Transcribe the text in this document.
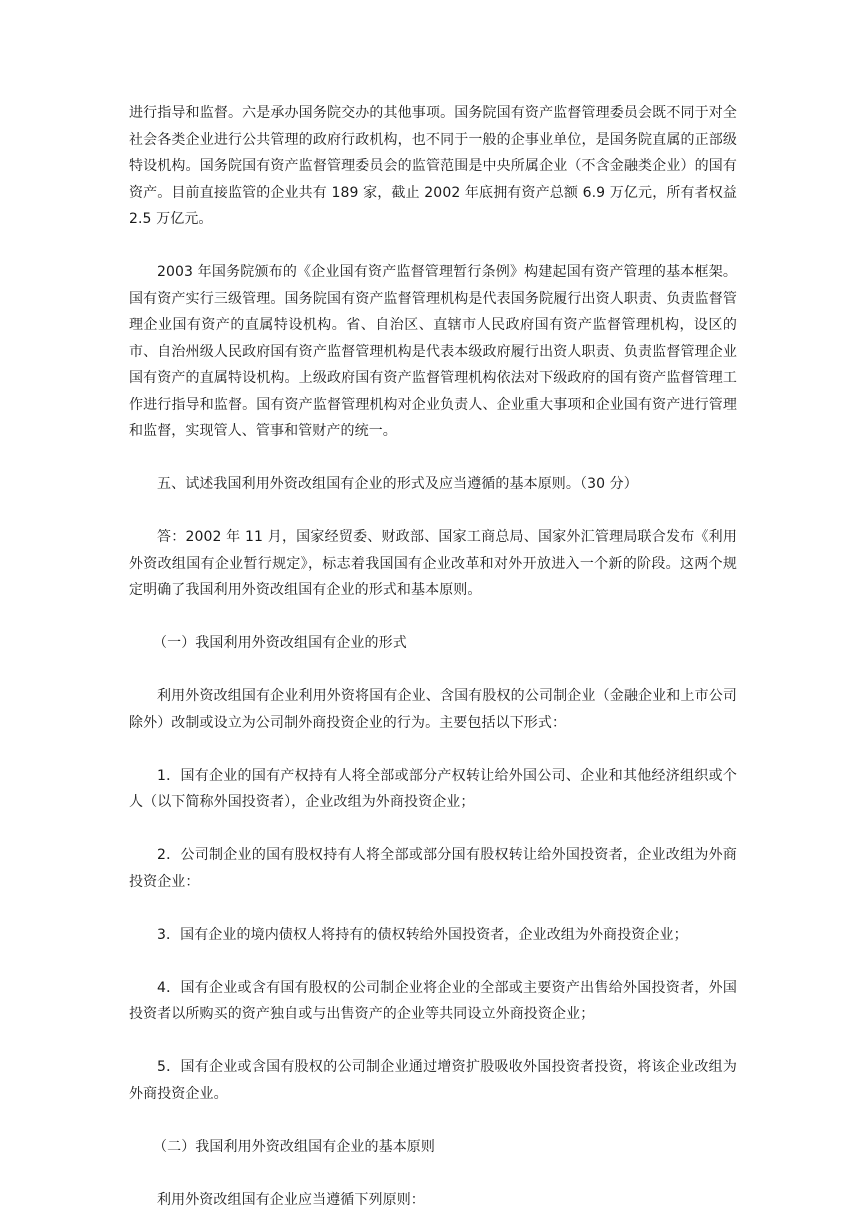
进行指导和监督。六是承办国务院交办的其他事项。国务院国有资产监督管理委员会既不同于对全社会各类企业进行公共管理的政府行政机构，也不同于一般的企事业单位，是国务院直属的正部级特设机构。国务院国有资产监督管理委员会的监管范围是中央所属企业（不含金融类企业）的国有资产。目前直接监管的企业共有 189 家，截止 2002 年底拥有资产总额 6.9 万亿元，所有者权益 2.5 万亿元。

2003 年国务院颁布的《企业国有资产监督管理暂行条例》构建起国有资产管理的基本框架。国有资产实行三级管理。国务院国有资产监督管理机构是代表国务院履行出资人职责、负责监督管理企业国有资产的直属特设机构。省、自治区、直辖市人民政府国有资产监督管理机构，设区的市、自治州级人民政府国有资产监督管理机构是代表本级政府履行出资人职责、负责监督管理企业国有资产的直属特设机构。上级政府国有资产监督管理机构依法对下级政府的国有资产监督管理工作进行指导和监督。国有资产监督管理机构对企业负责人、企业重大事项和企业国有资产进行管理和监督，实现管人、管事和管财产的统一。

五、试述我国利用外资改组国有企业的形式及应当遵循的基本原则。（30 分）

答：2002 年 11 月，国家经贸委、财政部、国家工商总局、国家外汇管理局联合发布《利用外资改组国有企业暂行规定》，标志着我国国有企业改革和对外开放进入一个新的阶段。这两个规定明确了我国利用外资改组国有企业的形式和基本原则。

（一）我国利用外资改组国有企业的形式

利用外资改组国有企业利用外资将国有企业、含国有股权的公司制企业（金融企业和上市公司除外）改制或设立为公司制外商投资企业的行为。主要包括以下形式：

1．国有企业的国有产权持有人将全部或部分产权转让给外国公司、企业和其他经济组织或个人（以下简称外国投资者），企业改组为外商投资企业；

2．公司制企业的国有股权持有人将全部或部分国有股权转让给外国投资者，企业改组为外商投资企业：

3．国有企业的境内债权人将持有的债权转给外国投资者，企业改组为外商投资企业；

4．国有企业或含有国有股权的公司制企业将企业的全部或主要资产出售给外国投资者，外国投资者以所购买的资产独自或与出售资产的企业等共同设立外商投资企业；

5．国有企业或含国有股权的公司制企业通过增资扩股吸收外国投资者投资，将该企业改组为外商投资企业。

（二）我国利用外资改组国有企业的基本原则

利用外资改组国有企业应当遵循下列原则：
